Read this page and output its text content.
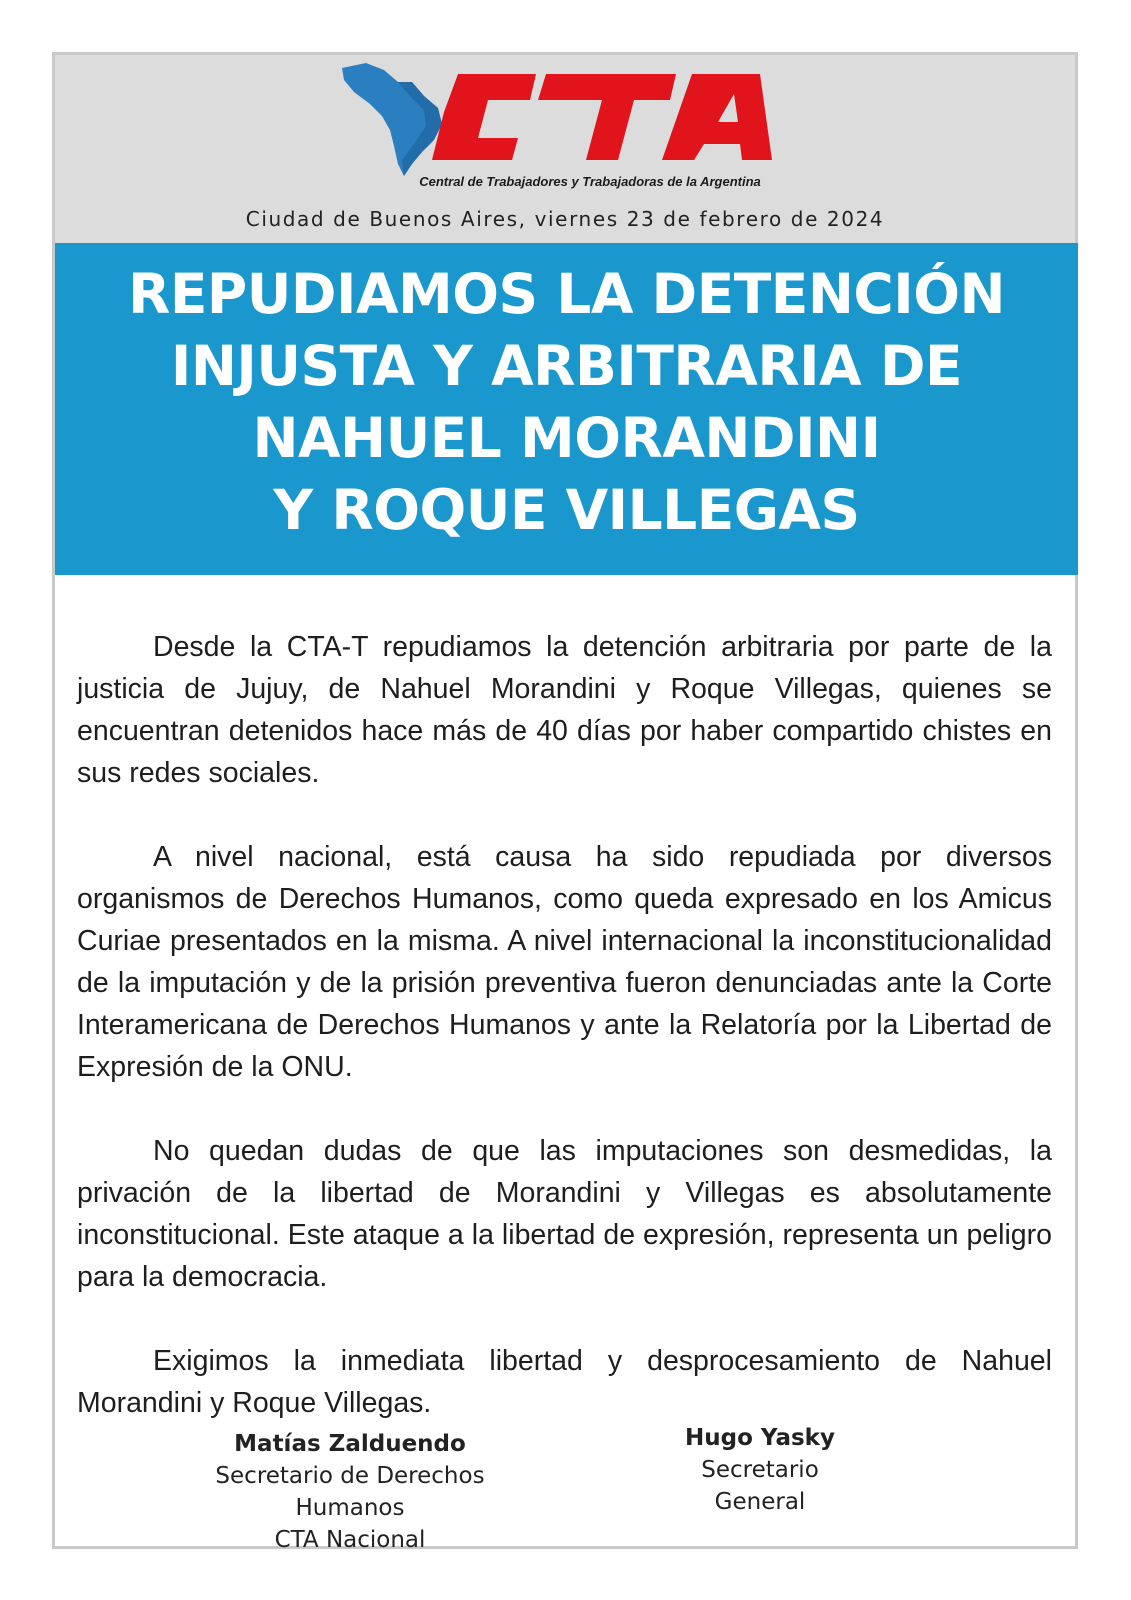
Central de Trabajadores y Trabajadoras de la Argentina
Ciudad de Buenos Aires, viernes 23 de febrero de 2024
REPUDIAMOS LA DETENCIÓN
INJUSTA Y ARBITRARIA DE
NAHUEL MORANDINI
Y ROQUE VILLEGAS

Desde la CTA-T repudiamos la detención arbitraria por parte de la justicia de Jujuy, de Nahuel Morandini y Roque Villegas, quienes se encuentran detenidos hace más de 40 días por haber compartido chistes en sus redes sociales.

A nivel nacional, está causa ha sido repudiada por diversos organismos de Derechos Humanos, como queda expresado en los Amicus Curiae presentados en la misma. A nivel internacional la inconstitucionalidad de la imputación y de la prisión preventiva fueron denunciadas ante la Corte Interamericana de Derechos Humanos y ante la Relatoría por la Libertad de Expresión de la ONU.

No quedan dudas de que las imputaciones son desmedidas, la privación de la libertad de Morandini y Villegas es absolutamente inconstitucional. Este ataque a la libertad de expresión, representa un peligro para la democracia.

Exigimos la inmediata libertad y desprocesamiento de Nahuel Morandini y Roque Villegas.

Matías Zalduendo
Secretario de Derechos Humanos
CTA Nacional
Hugo Yasky
Secretario
General
